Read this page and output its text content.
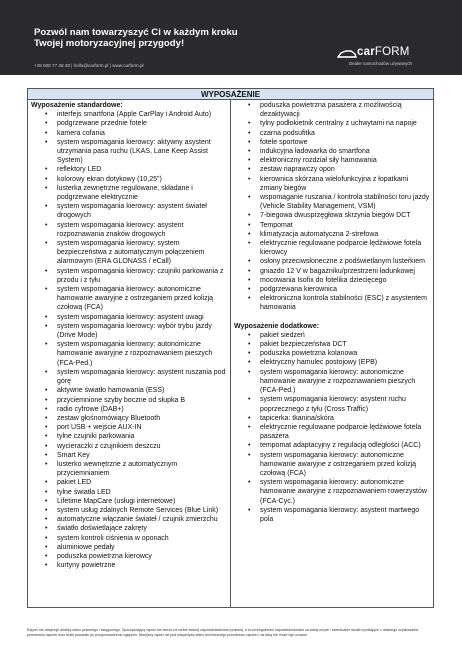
Pozwól nam towarzyszyć Ci w każdym kroku
Twojej motoryzacyjnej przygody!
+48 608 77 48 48 | hello@carform.pl | www.carform.pl
carFORM
Dealer samochodów używanych
WYPOSAŻENIE
Wyposażenie standardowe:
• interfejs smartfona (Apple CarPlay i Android Auto)
• podgrzewane przednie fotele
• kamera cofania
• system wspomagania kierowcy: aktywny asystent utrzymania pasa ruchu (LKAS, Lane Keep Assist System)
• reflektory LED
• kolorowy ekran dotykowy (10,25")
• lusterka zewnętrzne regulowane, składane i podgrzewane elektrycznie
• system wspomagania kierowcy: asystent świateł drogowych
• system wspomagania kierowcy: asystent rozpoznawania znaków drogowych
• system wspomagania kierowcy: system bezpieczeństwa z automatycznym połączeniem alarmowym (ERA GLONASS / eCall)
• system wspomagania kierowcy: czujniki parkowania z przodu i z tyłu
• system wspomagania kierowcy: autonomiczne hamowanie awaryjne z ostrzeganiem przed kolizją czołową (FCA)
• system wspomagania kierowcy: asystent uwagi
• system wspomagania kierowcy: wybór trybu jazdy (Drive Mode)
• system wspomagania kierowcy: autonomiczne hamowanie awaryjne z rozpoznawaniem pieszych (FCA-Ped.)
• system wspomagania kierowcy: asystent ruszania pod górę
• aktywne światło hamowania (ESS)
• przyciemnione szyby boczne od słupka B
• radio cyfrowe (DAB+)
• zestaw głośnomówiący Bluetooth
• port USB + wejście AUX-IN
• tylne czujniki parkowania
• wycieraczki z czujnikiem deszczu
• Smart Key
• lusterko wewnętrzne z automatycznym przyciemnianiem
• pakiet LED
• tylne światła LED
• Lifetime MapCare (usługi internetowe)
• system usług zdalnych Remote Services (Blue Link)
• automatyczne włączanie świateł / czujnik zmierzchu
• światło doświetlające zakręty
• system kontroli ciśnienia w oponach
• aluminiowe pedały
• poduszka powietrzna kierowcy
• kurtyny powietrzne
• poduszka powietrzna pasażera z możliwością dezaktywacji
• tylny podłokietnik centralny z uchwytami na napoje
• czarna podsufitka
• fotele sportowe
• indukcyjna ładowarka do smartfona
• elektroniczny rozdział siły hamowania
• zestaw naprawczy opon
• kierownica skórzana wielofunkcyjna z łopatkami zmiany biegów
• wspomaganie ruszania / kontrola stabilności toru jazdy (Vehicle Stability Management, VSM)
• 7-biegowa dwusprzęgłowa skrzynia biegów DCT
• Tempomat
• klimatyzacja automatyczna 2-strefowa
• elektrycznie regulowane podparcie lędźwiowe fotela kierowcy
• osłony przeciwsłoneczne z podświetlanym lusterkiem
• gniazdo 12 V w bagażniku/przestrzeni ładunkowej
• mocowania Isofix do fotelika dziecięcego
• podgrzewana kierownica
• elektroniczna kontrola stabilności (ESC) z asystentem hamowania
Wyposażenie dodatkowe:
• pakiet siedzeń
• pakiet bezpieczeństwa DCT
• poduszka powietrzna kolanowa
• elektryczny hamulec postojowy (EPB)
• system wspomagania kierowcy: autonomiczne hamowanie awaryjne z rozpoznawaniem pieszych (FCA-Ped.)
• system wspomagania kierowcy: asystent ruchu poprzecznego z tyłu (Cross Traffic)
• tapicerka: tkanina/skóra
• elektrycznie regulowane podparcie lędźwiowe fotela pasażera
• tempomat adaptacyjny z regulacją odległości (ACC)
• system wspomagania kierowcy: autonomiczne hamowanie awaryjne z ostrzeganiem przed kolizją czołową (FCA)
• system wspomagania kierowcy: autonomiczne hamowanie awaryjne z rozpoznawaniem rowerzystów (FCA-Cyc.)
• system wspomagania kierowcy: asystent martwego pola
Raport nie obejmuje analizy stanu prawnego i księgowego. Sporządzający raport nie bierze na siebie żadnej odpowiedzialności prawnej, a w szczególności odpowiedzialności za wady ukryte i ewentualne skutki wynikające z dalszego użytkowania przedmiotu raportu oraz braki powstałe po przeprowadzeniu oględzin. Niniejszy raport nie jest ekspertyzą stanu technicznego przedmiotu raportu i za taką nie może być uznane.
